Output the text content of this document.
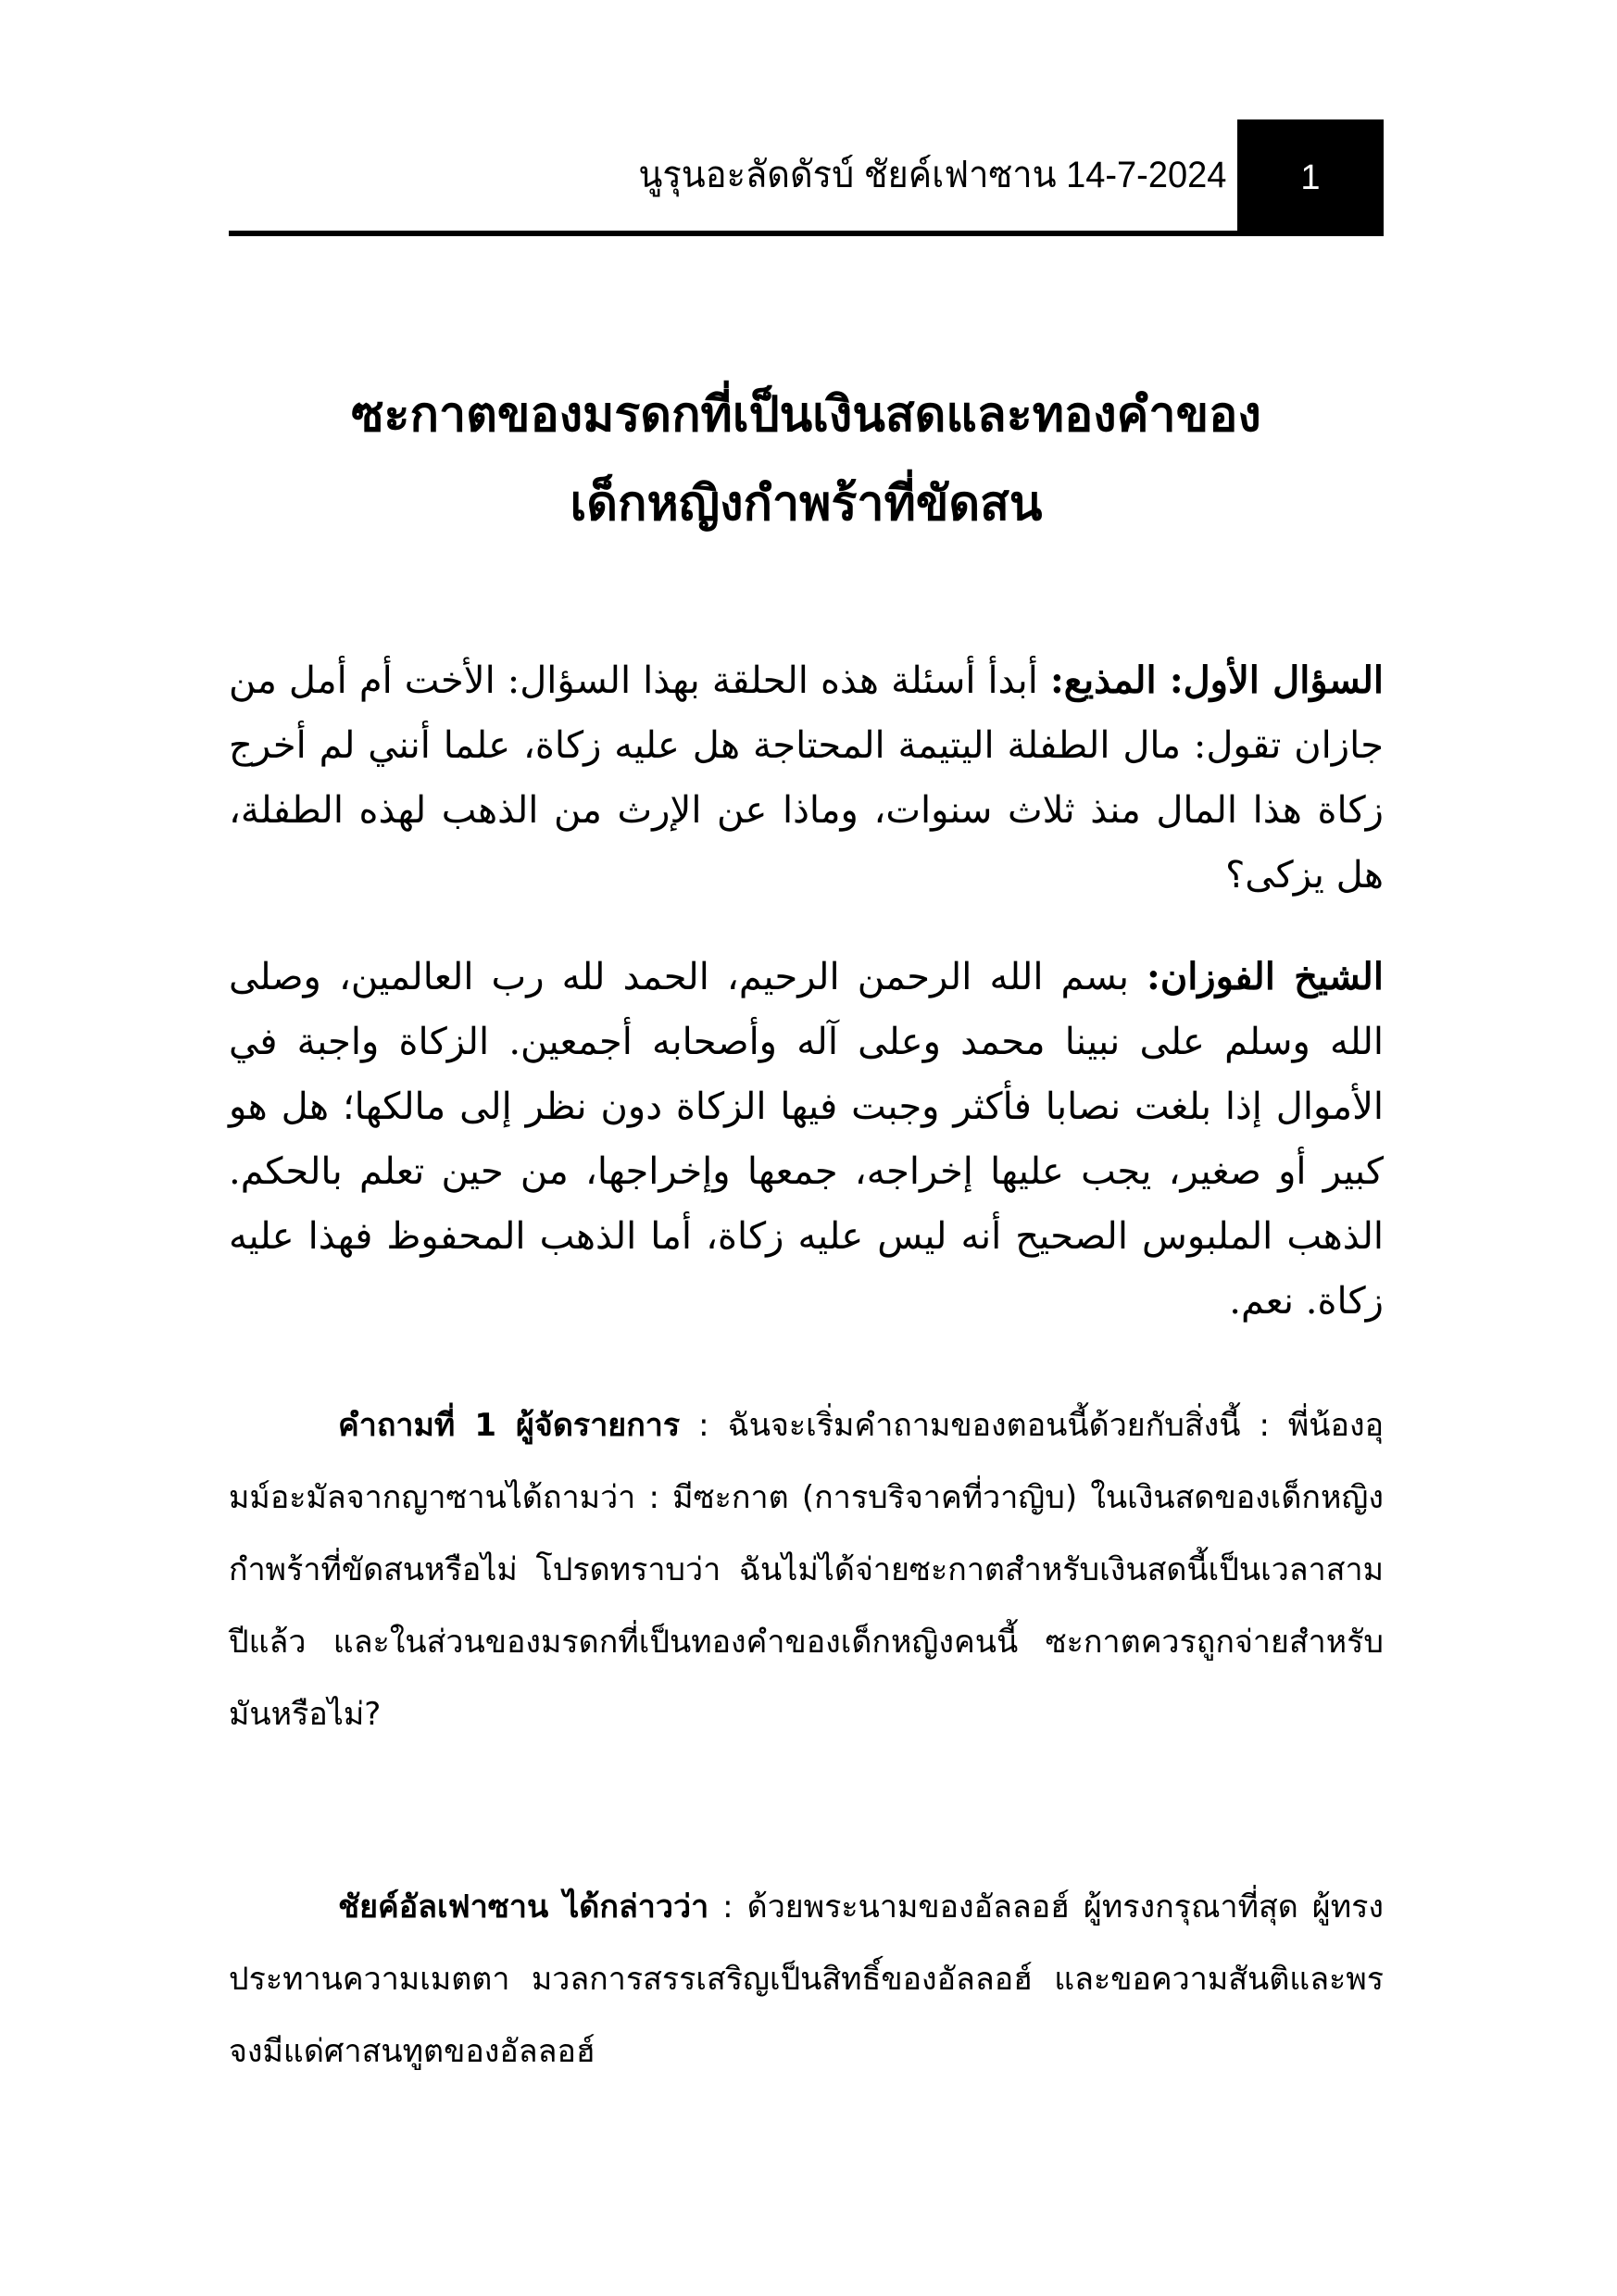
นูรุนอะลัดดัรบ์ ชัยค์เฟาซาน 14-7-2024 1
ซะกาตของมรดกที่เป็นเงินสดและทองคำของ
เด็กหญิงกำพร้าที่ขัดสน

السؤال الأول: المذيع: أبدأ أسئلة هذه الحلقة بهذا السؤال: الأخت أم أمل من جازان تقول: مال الطفلة اليتيمة المحتاجة هل عليه زكاة، علما أنني لم أخرج زكاة هذا المال منذ ثلاث سنوات، وماذا عن الإرث من الذهب لهذه الطفلة، هل يزكى؟

الشيخ الفوزان: بسم الله الرحمن الرحيم، الحمد لله رب العالمين، وصلى الله وسلم على نبينا محمد وعلى آله وأصحابه أجمعين. الزكاة واجبة في الأموال إذا بلغت نصابا فأكثر وجبت فيها الزكاة دون نظر إلى مالكها؛ هل هو كبير أو صغير، يجب عليها إخراجه، جمعها وإخراجها، من حين تعلم بالحكم. الذهب الملبوس الصحيح أنه ليس عليه زكاة، أما الذهب المحفوظ فهذا عليه زكاة. نعم.

คำถามที่ 1 ผู้จัดรายการ : ฉันจะเริ่มคำถามของตอนนี้ด้วยกับสิ่งนี้ : พี่น้องอุมม์อะมัลจากญาซานได้ถามว่า : มีซะกาต (การบริจาคที่วาญิบ) ในเงินสดของเด็กหญิงกำพร้าที่ขัดสนหรือไม่ โปรดทราบว่า ฉันไม่ได้จ่ายซะกาตสำหรับเงินสดนี้เป็นเวลาสามปีแล้ว และในส่วนของมรดกที่เป็นทองคำของเด็กหญิงคนนี้ ซะกาตควรถูกจ่ายสำหรับมันหรือไม่?

ชัยค์อัลเฟาซาน ได้กล่าวว่า : ด้วยพระนามของอัลลอฮ์ ผู้ทรงกรุณาที่สุด ผู้ทรงประทานความเมตตา มวลการสรรเสริญเป็นสิทธิ์ของอัลลอฮ์ และขอความสันติและพรจงมีแด่ศาสนทูตของอัลลอฮ์
